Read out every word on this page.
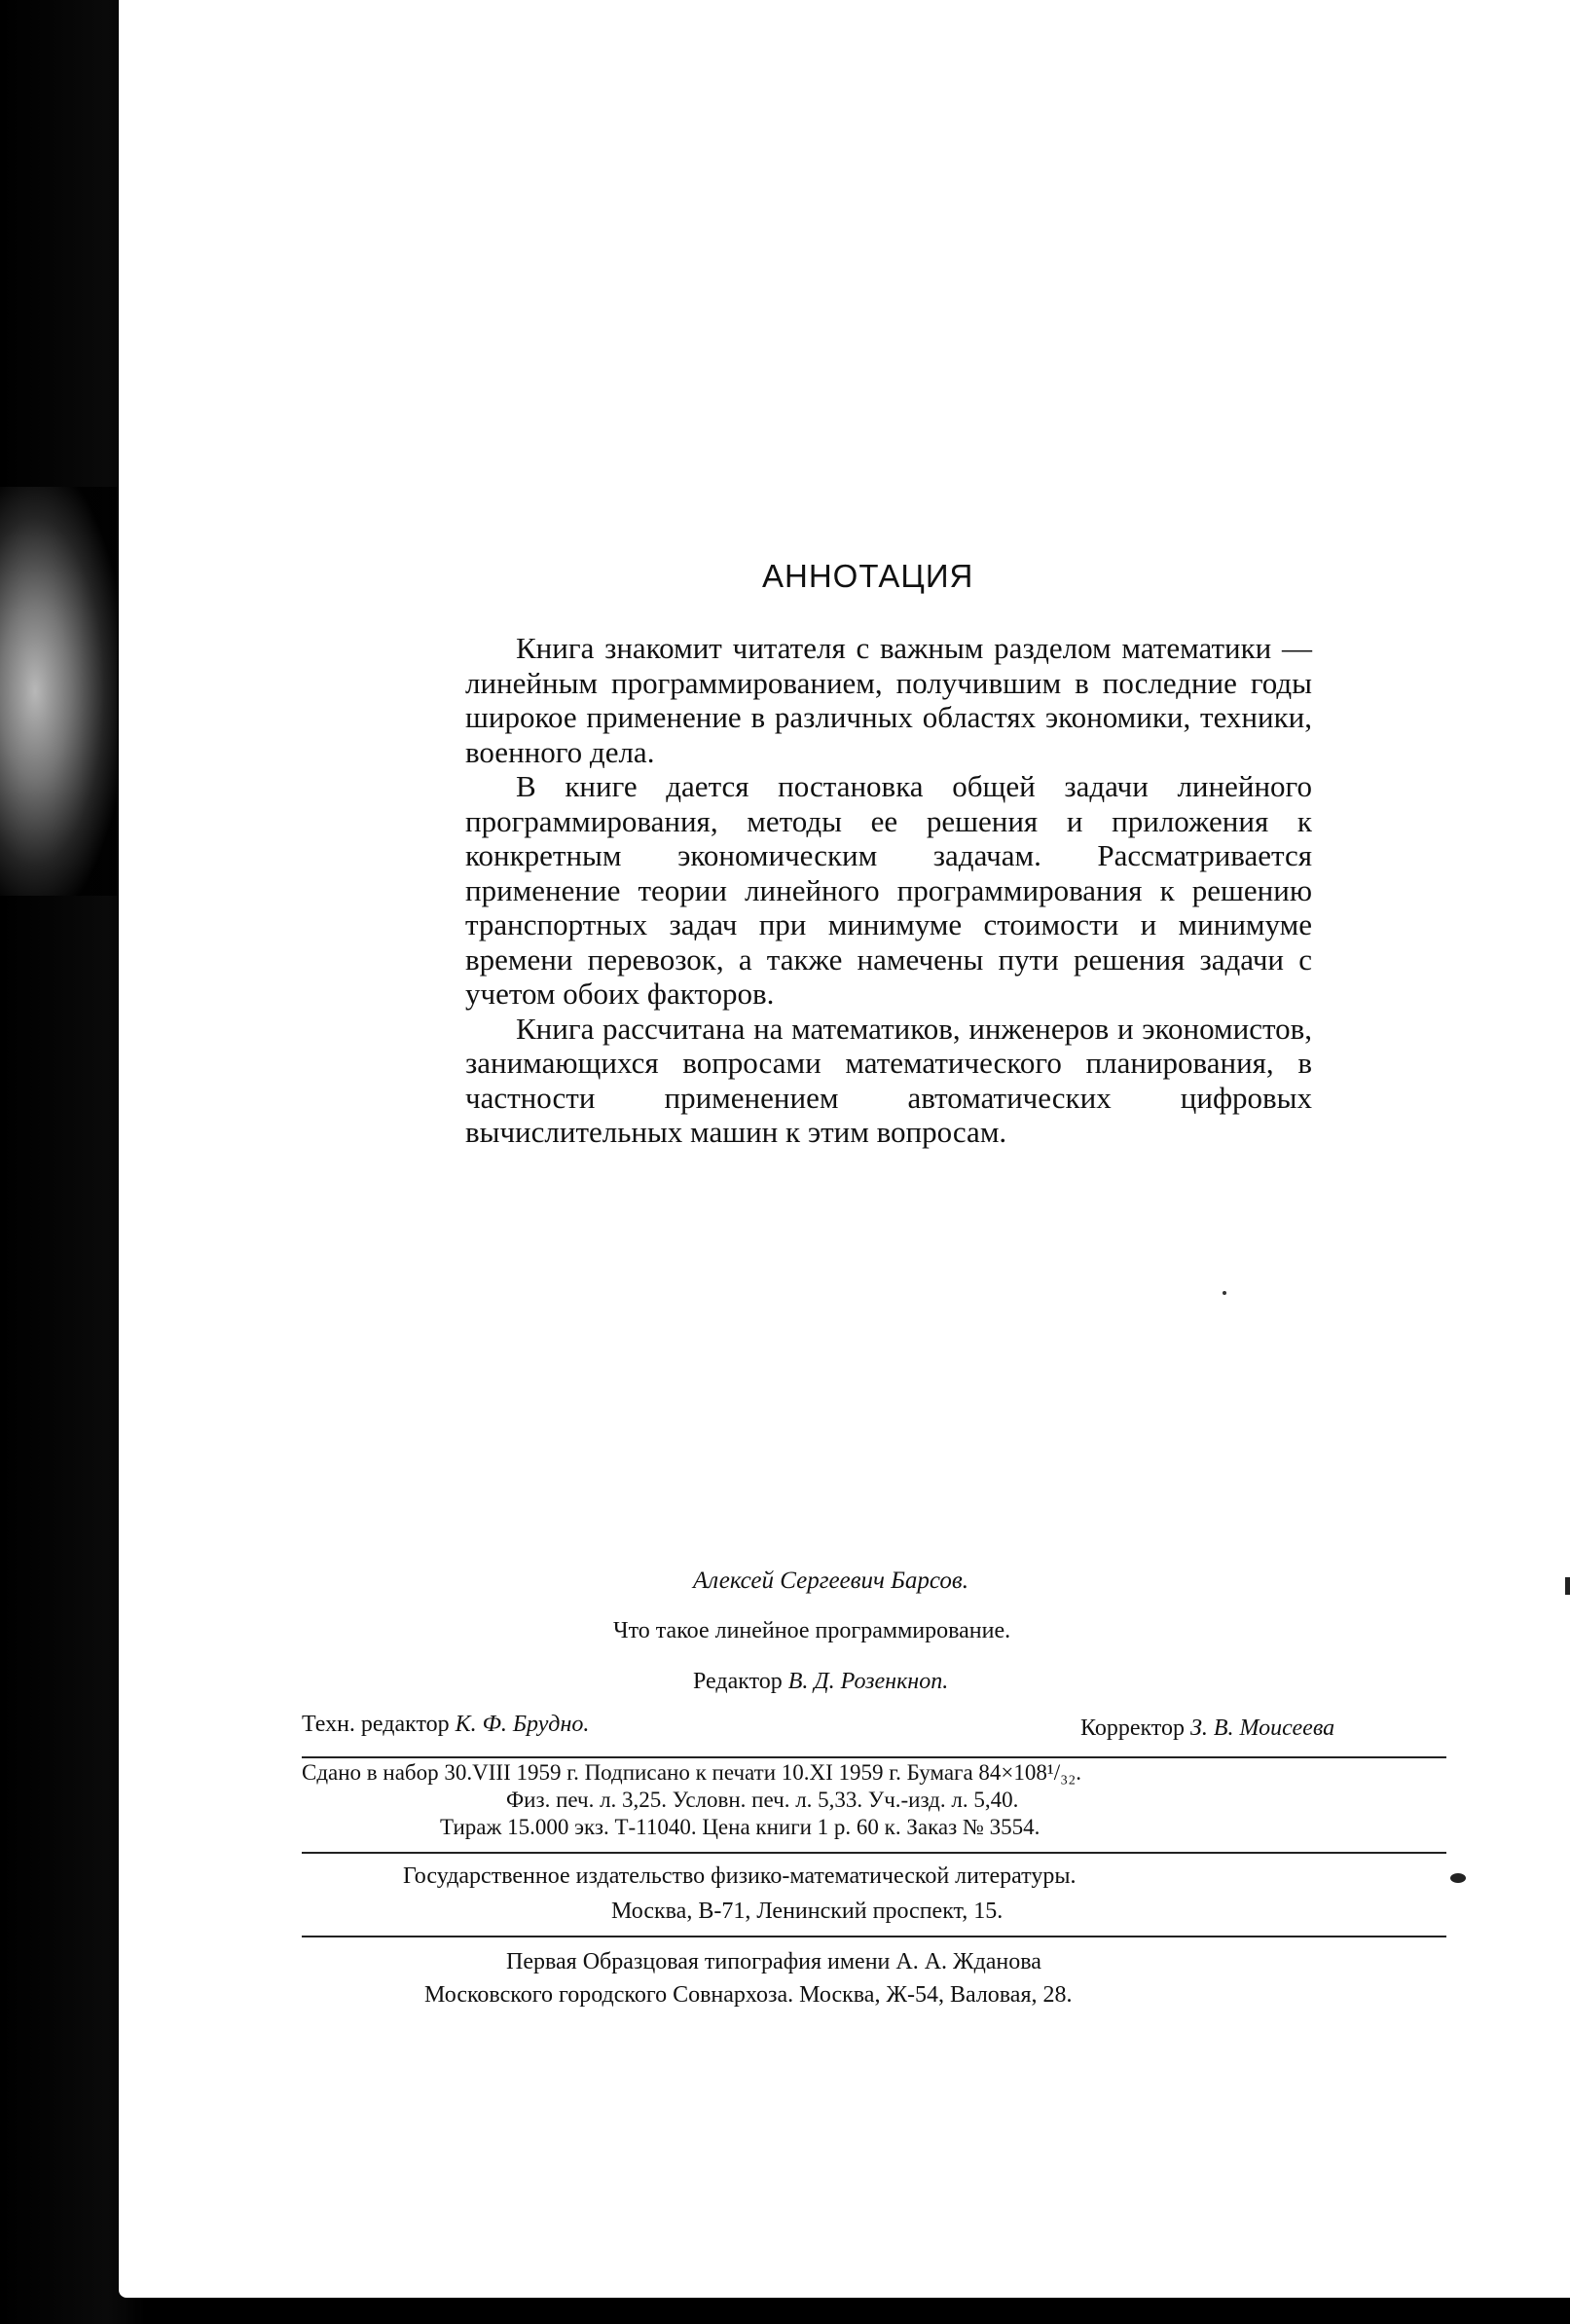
АННОТАЦИЯ

Книга знакомит читателя с важным разделом математики — линейным программированием, получившим в последние годы широкое применение в различных областях экономики, техники, военного дела.

В книге дается постановка общей задачи линейного программирования, методы ее решения и приложения к конкретным экономическим задачам. Рассматривается применение теории линейного программирования к решению транспортных задач при минимуме стоимости и минимуме времени перевозок, а также намечены пути решения задачи с учетом обоих факторов.

Книга рассчитана на математиков, инженеров и экономистов, занимающихся вопросами математического планирования, в частности применением автоматических цифровых вычислительных машин к этим вопросам.

Алексей Сергеевич Барсов.
Что такое линейное программирование.
Редактор В. Д. Розенкноп.
Техн. редактор К. Ф. Брудно.	Корректор З. В. Моисеева
Сдано в набор 30.VIII 1959 г. Подписано к печати 10.XI 1959 г. Бумага 84×108¹/₃₂.
Физ. печ. л. 3,25. Условн. печ. л. 5,33. Уч.-изд. л. 5,40.
Тираж 15.000 экз. Т-11040. Цена книги 1 р. 60 к. Заказ № 3554.
Государственное издательство физико-математической литературы.
Москва, В-71, Ленинский проспект, 15.
Первая Образцовая типография имени А. А. Жданова
Московского городского Совнархоза. Москва, Ж-54, Валовая, 28.
